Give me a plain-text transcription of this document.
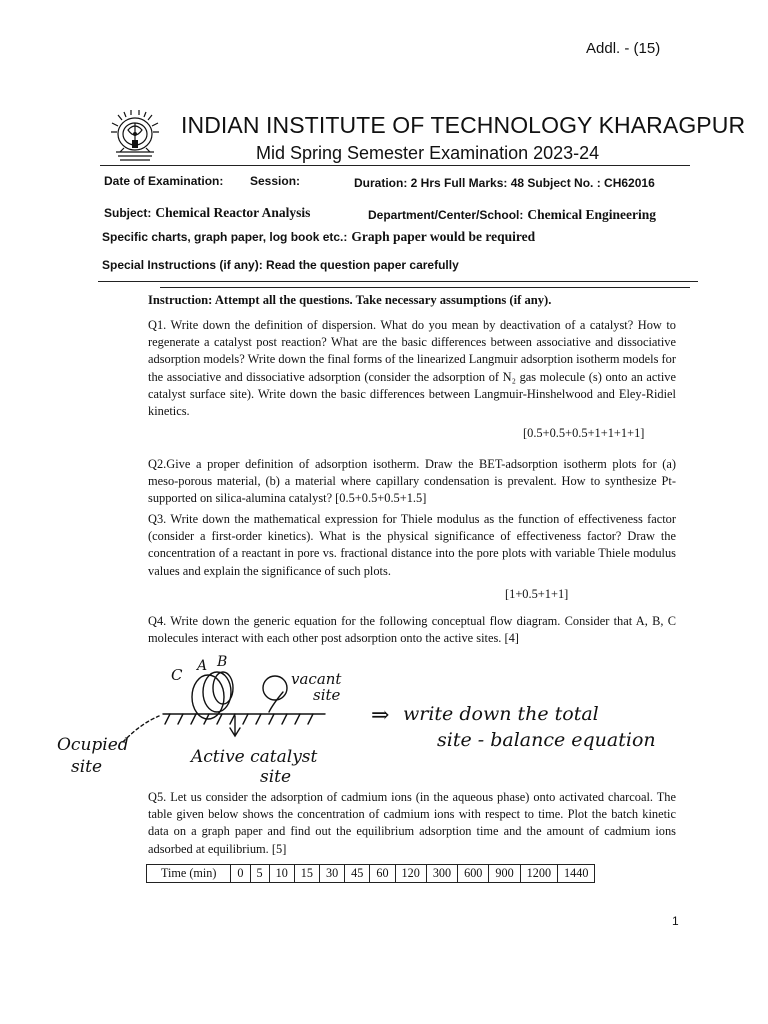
Addl. - (15)
INDIAN INSTITUTE OF TECHNOLOGY KHARAGPUR
Mid Spring Semester Examination 2023-24
Date of Examination: Session:	Duration: 2 Hrs Full Marks: 48 Subject No. : CH62016
Subject: Chemical Reactor Analysis	Department/Center/School: Chemical Engineering
Specific charts, graph paper, log book etc.: Graph paper would be required
Special Instructions (if any): Read the question paper carefully
Instruction: Attempt all the questions. Take necessary assumptions (if any).
Q1. Write down the definition of dispersion. What do you mean by deactivation of a catalyst? How to regenerate a catalyst post reaction? What are the basic differences between associative and dissociative adsorption models? Write down the final forms of the linearized Langmuir adsorption isotherm models for the associative and dissociative adsorption (consider the adsorption of N₂ gas molecule (s) onto an active catalyst surface site). Write down the basic differences between Langmuir-Hinshelwood and Eley-Ridiel kinetics.
[0.5+0.5+0.5+1+1+1+1]
Q2.Give a proper definition of adsorption isotherm. Draw the BET-adsorption isotherm plots for (a) meso-porous material, (b) a material where capillary condensation is prevalent. How to synthesize Pt-supported on silica-alumina catalyst? [0.5+0.5+0.5+1.5]
Q3. Write down the mathematical expression for Thiele modulus as the function of effectiveness factor (consider a first-order kinetics). What is the physical significance of effectiveness factor? Draw the concentration of a reactant in pore vs. fractional distance into the pore plots with variable Thiele modulus values and explain the significance of such plots.
[1+0.5+1+1]
Q4. Write down the generic equation for the following conceptual flow diagram. Consider that A, B, C molecules interact with each other post adsorption onto the active sites. [4]
C A B
vacant
site
Ocupied
site	Active catalyst
site
⇒ write down the total
site - balance equation
Q5. Let us consider the adsorption of cadmium ions (in the aqueous phase) onto activated charcoal. The table given below shows the concentration of cadmium ions with respect to time. Plot the batch kinetic data on a graph paper and find out the equilibrium adsorption time and the amount of cadmium ions adsorbed at equilibrium. [5]
Time (min)	0	5	10	15	30	45	60	120	300	600	900	1200	1440
1
